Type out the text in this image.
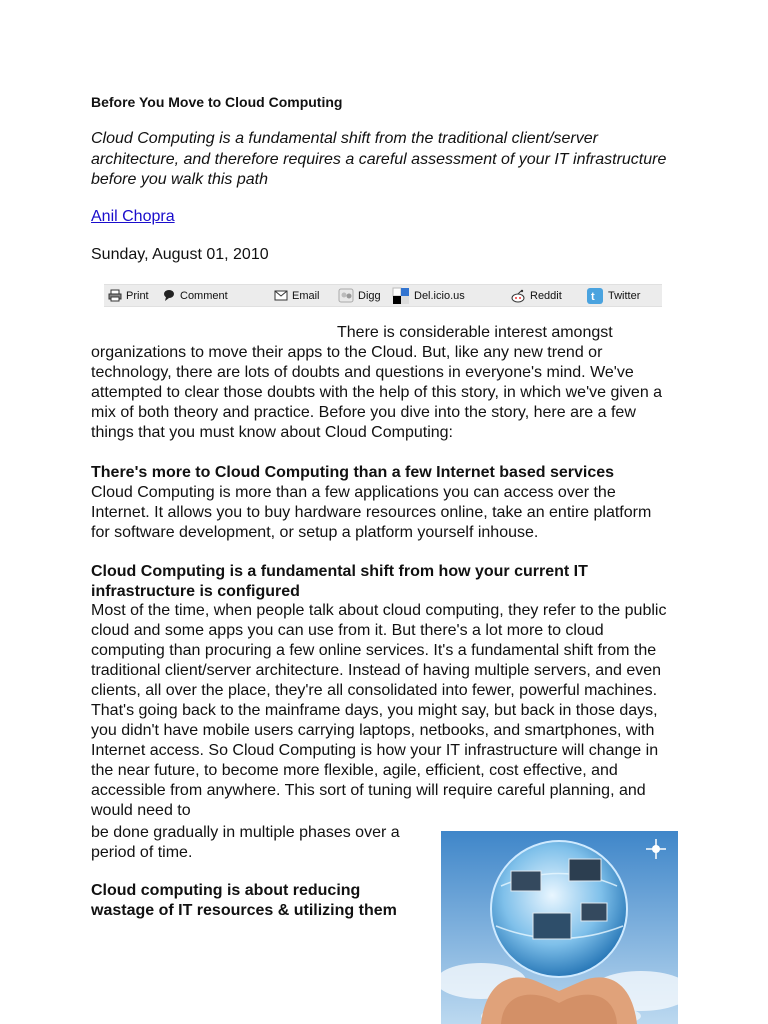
Before You Move to Cloud Computing
Cloud Computing is a fundamental shift from the traditional client/server architecture, and therefore requires a careful assessment of your IT infrastructure before you walk this path
Anil Chopra
Sunday, August 01, 2010
Print	Comment	Email	Digg	Del.icio.us	Reddit	t Twitter
There is considerable interest amongst organizations to move their apps to the Cloud. But, like any new trend or technology, there are lots of doubts and questions in everyone's mind. We've attempted to clear those doubts with the help of this story, in which we've given a mix of both theory and practice. Before you dive into the story, here are a few things that you must know about Cloud Computing:
There's more to Cloud Computing than a few Internet based services
Cloud Computing is more than a few applications you can access over the Internet. It allows you to buy hardware resources online, take an entire platform for software development, or setup a platform yourself inhouse.
Cloud Computing is a fundamental shift from how your current IT infrastructure is configured
Most of the time, when people talk about cloud computing, they refer to the public cloud and some apps you can use from it. But there's a lot more to cloud computing than procuring a few online services. It's a fundamental shift from the traditional client/server architecture. Instead of having multiple servers, and even clients, all over the place, they're all consolidated into fewer, powerful machines. That's going back to the mainframe days, you might say, but back in those days, you didn't have mobile users carrying laptops, netbooks, and smartphones, with Internet access. So Cloud Computing is how your IT infrastructure will change in the near future, to become more flexible, agile, efficient, cost effective, and accessible from anywhere. This sort of tuning will require careful planning, and would need to
be done gradually in multiple phases over a period of time.
Cloud computing is about reducing wastage of IT resources & utilizing them
